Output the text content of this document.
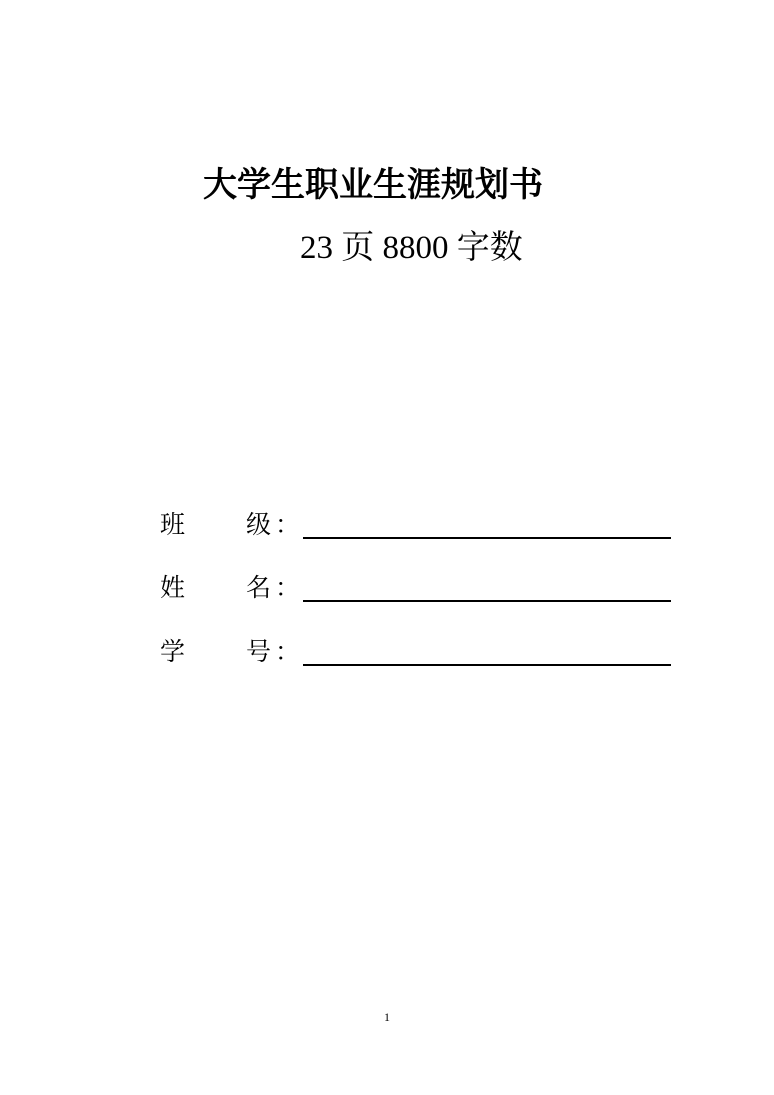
大学生职业生涯规划书
23 页 8800 字数
班 级 ：
姓 名 ：
学 号 ：
1
